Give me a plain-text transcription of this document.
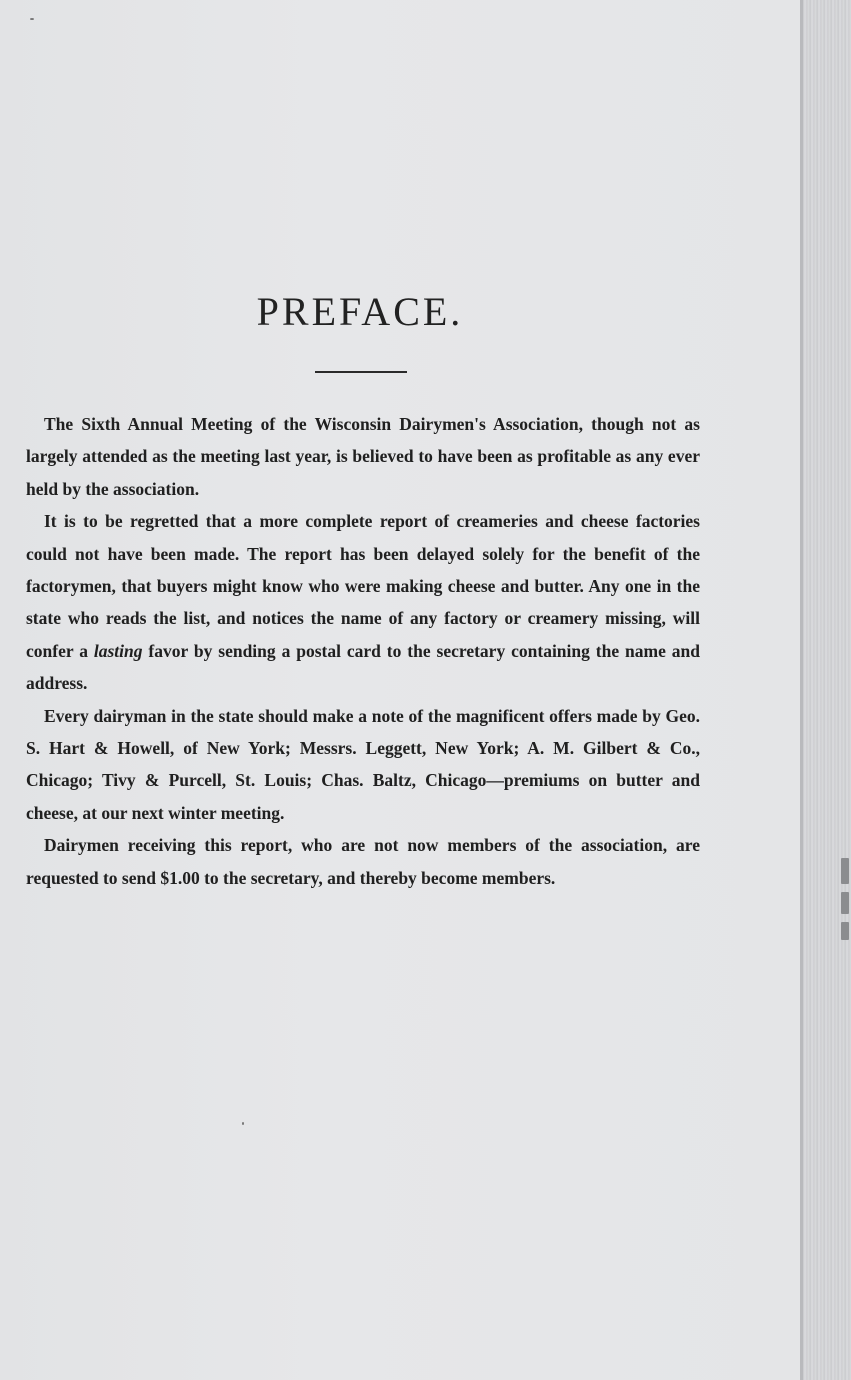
PREFACE.

The Sixth Annual Meeting of the Wisconsin Dairymen's Association, though not as largely attended as the meeting last year, is believed to have been as profitable as any ever held by the association.

It is to be regretted that a more complete report of creameries and cheese factories could not have been made. The report has been delayed solely for the benefit of the factorymen, that buyers might know who were making cheese and butter. Any one in the state who reads the list, and notices the name of any factory or creamery missing, will confer a lasting favor by sending a postal card to the secretary containing the name and address.

Every dairyman in the state should make a note of the magnificent offers made by Geo. S. Hart & Howell, of New York; Messrs. Leggett, New York; A. M. Gilbert & Co., Chicago; Tivy & Purcell, St. Louis; Chas. Baltz, Chicago—premiums on butter and cheese, at our next winter meeting.

Dairymen receiving this report, who are not now members of the association, are requested to send $1.00 to the secretary, and thereby become members.
